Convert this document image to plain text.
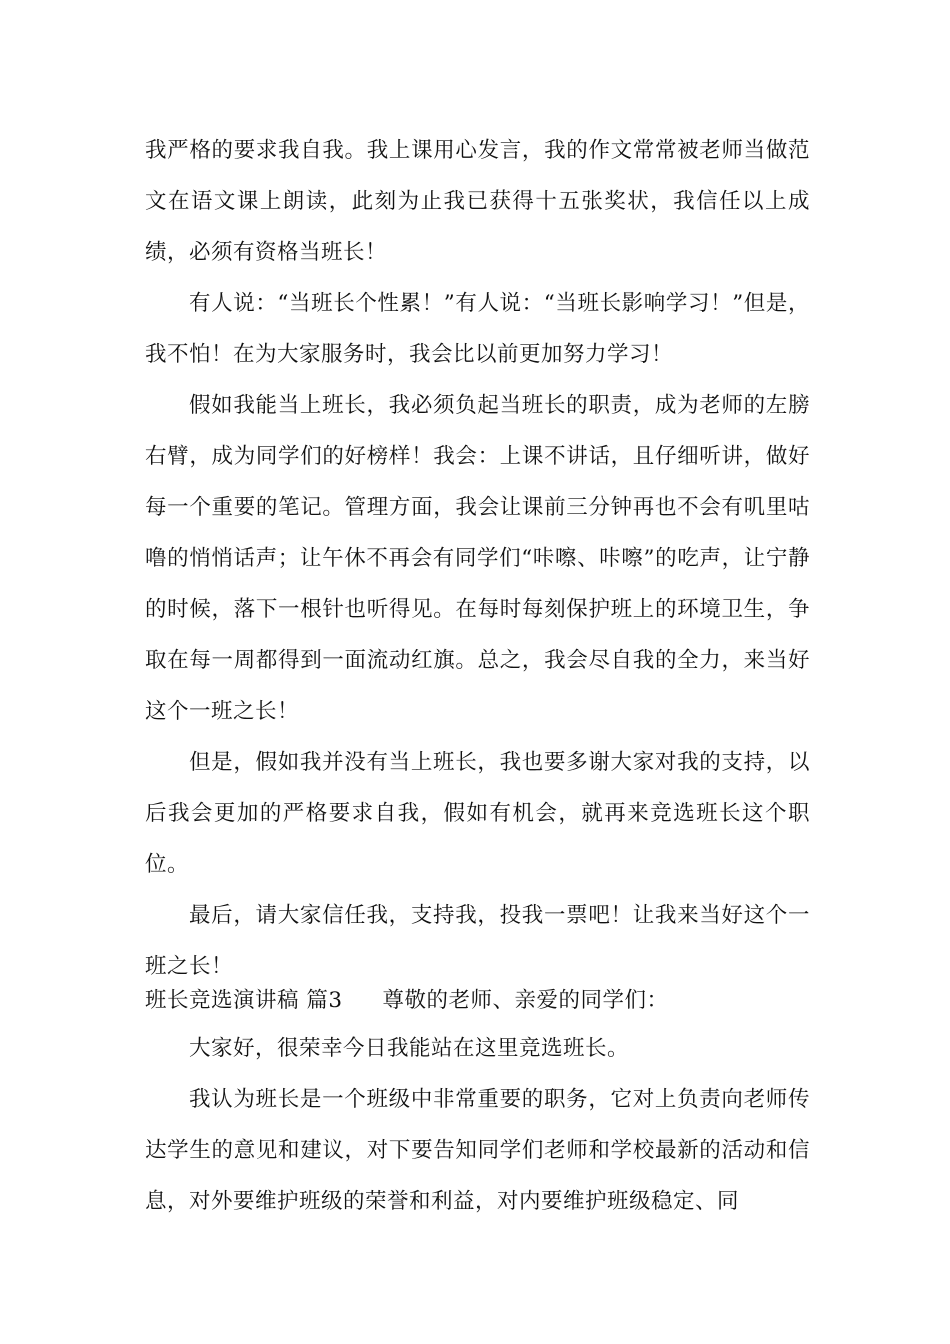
我严格的要求我自我。我上课用心发言，我的作文常常被老师当做范文在语文课上朗读，此刻为止我已获得十五张奖状，我信任以上成绩，必须有资格当班长！

有人说：“当班长个性累！”有人说：“当班长影响学习！”但是，我不怕！在为大家服务时，我会比以前更加努力学习！

假如我能当上班长，我必须负起当班长的职责，成为老师的左膀右臂，成为同学们的好榜样！我会：上课不讲话，且仔细听讲，做好每一个重要的笔记。管理方面，我会让课前三分钟再也不会有叽里咕噜的悄悄话声；让午休不再会有同学们“咔嚓、咔嚓”的吃声，让宁静的时候，落下一根针也听得见。在每时每刻保护班上的环境卫生，争取在每一周都得到一面流动红旗。总之，我会尽自我的全力，来当好这个一班之长！

但是，假如我并没有当上班长，我也要多谢大家对我的支持，以后我会更加的严格要求自我，假如有机会，就再来竞选班长这个职位。

最后，请大家信任我，支持我，投我一票吧！让我来当好这个一班之长！

班长竞选演讲稿 篇3 尊敬的老师、亲爱的同学们：

大家好，很荣幸今日我能站在这里竞选班长。

我认为班长是一个班级中非常重要的职务，它对上负责向老师传达学生的意见和建议，对下要告知同学们老师和学校最新的活动和信息，对外要维护班级的荣誉和利益，对内要维护班级稳定、同
